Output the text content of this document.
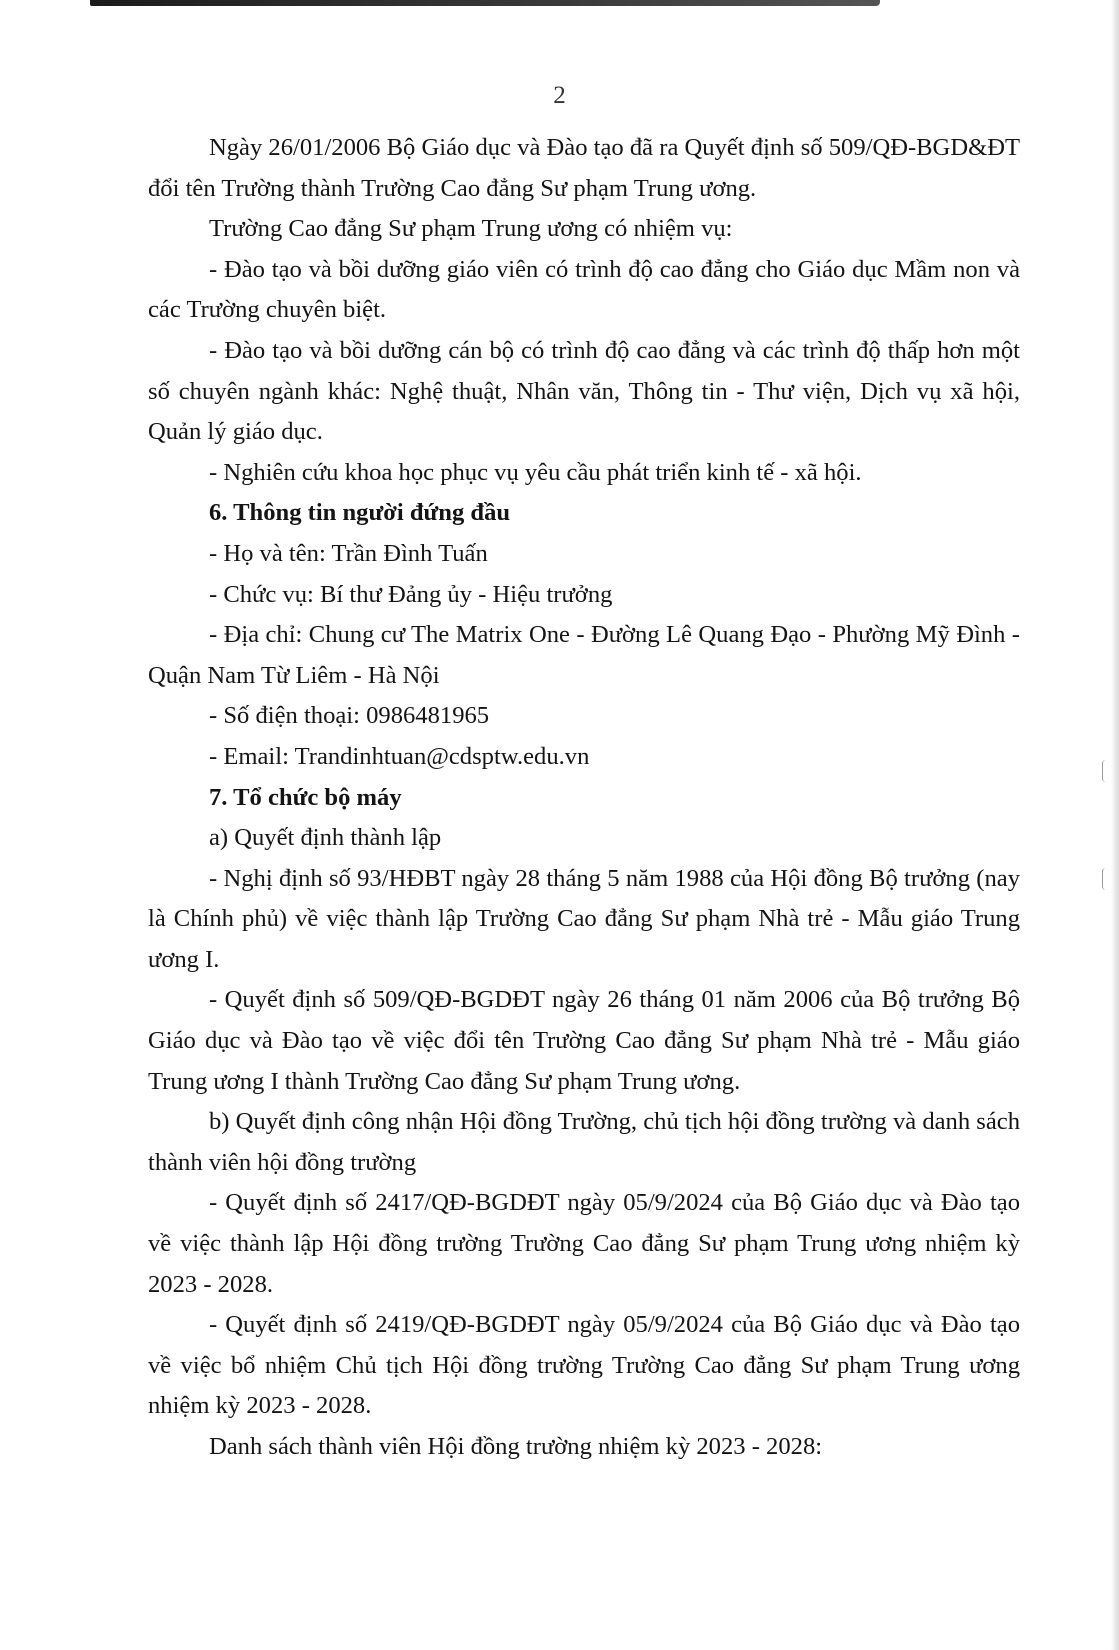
2

Ngày 26/01/2006 Bộ Giáo dục và Đào tạo đã ra Quyết định số 509/QĐ-BGD&ĐT đổi tên Trường thành Trường Cao đẳng Sư phạm Trung ương.

Trường Cao đẳng Sư phạm Trung ương có nhiệm vụ:

- Đào tạo và bồi dưỡng giáo viên có trình độ cao đẳng cho Giáo dục Mầm non và các Trường chuyên biệt.

- Đào tạo và bồi dưỡng cán bộ có trình độ cao đẳng và các trình độ thấp hơn một số chuyên ngành khác: Nghệ thuật, Nhân văn, Thông tin - Thư viện, Dịch vụ xã hội, Quản lý giáo dục.

- Nghiên cứu khoa học phục vụ yêu cầu phát triển kinh tế - xã hội.

6. Thông tin người đứng đầu

- Họ và tên: Trần Đình Tuấn

- Chức vụ: Bí thư Đảng ủy - Hiệu trưởng

- Địa chỉ: Chung cư The Matrix One - Đường Lê Quang Đạo - Phường Mỹ Đình - Quận Nam Từ Liêm - Hà Nội

- Số điện thoại: 0986481965

- Email: Trandinhtuan@cdsptw.edu.vn

7. Tổ chức bộ máy

a) Quyết định thành lập

- Nghị định số 93/HĐBT ngày 28 tháng 5 năm 1988 của Hội đồng Bộ trưởng (nay là Chính phủ) về việc thành lập Trường Cao đẳng Sư phạm Nhà trẻ - Mẫu giáo Trung ương I.

- Quyết định số 509/QĐ-BGDĐT ngày 26 tháng 01 năm 2006 của Bộ trưởng Bộ Giáo dục và Đào tạo về việc đổi tên Trường Cao đẳng Sư phạm Nhà trẻ - Mẫu giáo Trung ương I thành Trường Cao đẳng Sư phạm Trung ương.

b) Quyết định công nhận Hội đồng Trường, chủ tịch hội đồng trường và danh sách thành viên hội đồng trường

- Quyết định số 2417/QĐ-BGDĐT ngày 05/9/2024 của Bộ Giáo dục và Đào tạo về việc thành lập Hội đồng trường Trường Cao đẳng Sư phạm Trung ương nhiệm kỳ 2023 - 2028.

- Quyết định số 2419/QĐ-BGDĐT ngày 05/9/2024 của Bộ Giáo dục và Đào tạo về việc bổ nhiệm Chủ tịch Hội đồng trường Trường Cao đẳng Sư phạm Trung ương nhiệm kỳ 2023 - 2028.

Danh sách thành viên Hội đồng trường nhiệm kỳ 2023 - 2028:
